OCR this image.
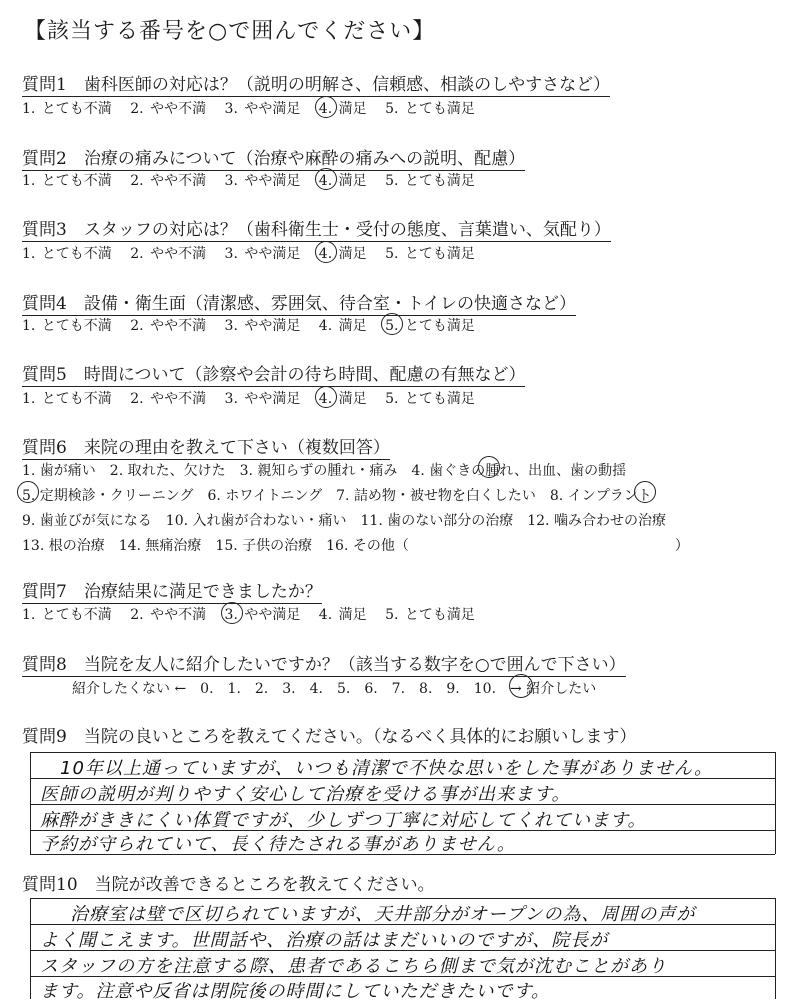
【該当する番号を○で囲んでください】
質問1　歯科医師の対応は？（説明の明解さ、信頼感、相談のしやすさなど）
1. とても不満 2. やや不満 3. やや満足 4. 満足 5. とても満足
質問2　治療の痛みについて（治療や麻酔の痛みへの説明、配慮）
1. とても不満 2. やや不満 3. やや満足 4. 満足 5. とても満足
質問3　スタッフの対応は？（歯科衛生士・受付の態度、言葉遣い、気配り）
1. とても不満 2. やや不満 3. やや満足 4. 満足 5. とても満足
質問4　設備・衛生面（清潔感、雰囲気、待合室・トイレの快適さなど）
1. とても不満 2. やや不満 3. やや満足 4. 満足 5. とても満足
質問5　時間について（診察や会計の待ち時間、配慮の有無など）
1. とても不満 2. やや不満 3. やや満足 4. 満足 5. とても満足
質問6　来院の理由を教えて下さい（複数回答）
1. 歯が痛い　2. 取れた、欠けた　3. 親知らずの腫れ・痛み　4. 歯ぐきの腫れ、出血、歯の動揺
5. 定期検診・クリーニング　6. ホワイトニング　7. 詰め物・被せ物を白くしたい　8. インプラント
9. 歯並びが気になる　10. 入れ歯が合わない・痛い　11. 歯のない部分の治療　12. 噛み合わせの治療
13. 根の治療　14. 無痛治療　15. 子供の治療　16. その他（　　　　　　　　　　　　　　　　　　　）
質問7　治療結果に満足できましたか？
1. とても不満 2. やや不満 3. やや満足 4. 満足 5. とても満足
質問8　当院を友人に紹介したいですか？（該当する数字を○で囲んで下さい）
紹介したくない ←　0.　1.　2.　3.　4.　5.　6.　7.　8.　9.　10.　→ 紹介したい
質問9　当院の良いところを教えてください。（なるべく具体的にお願いします）
10年以上通っていますが、いつも清潔で不快な思いをした事がありません。
医師の説明が判りやすく安心して治療を受ける事が出来ます。
麻酔がききにくい体質ですが、少しずつ丁寧に対応してくれています。
予約が守られていて、長く待たされる事がありません。
質問10　当院が改善できるところを教えてください。
治療室は壁で区切られていますが、天井部分がオープンの為、周囲の声が
よく聞こえます。世間話や、治療の話はまだいいのですが、院長が
スタッフの方を注意する際、患者であるこちら側まで気が沈むことがあり
ます。注意や反省は閉院後の時間にしていただきたいです。
